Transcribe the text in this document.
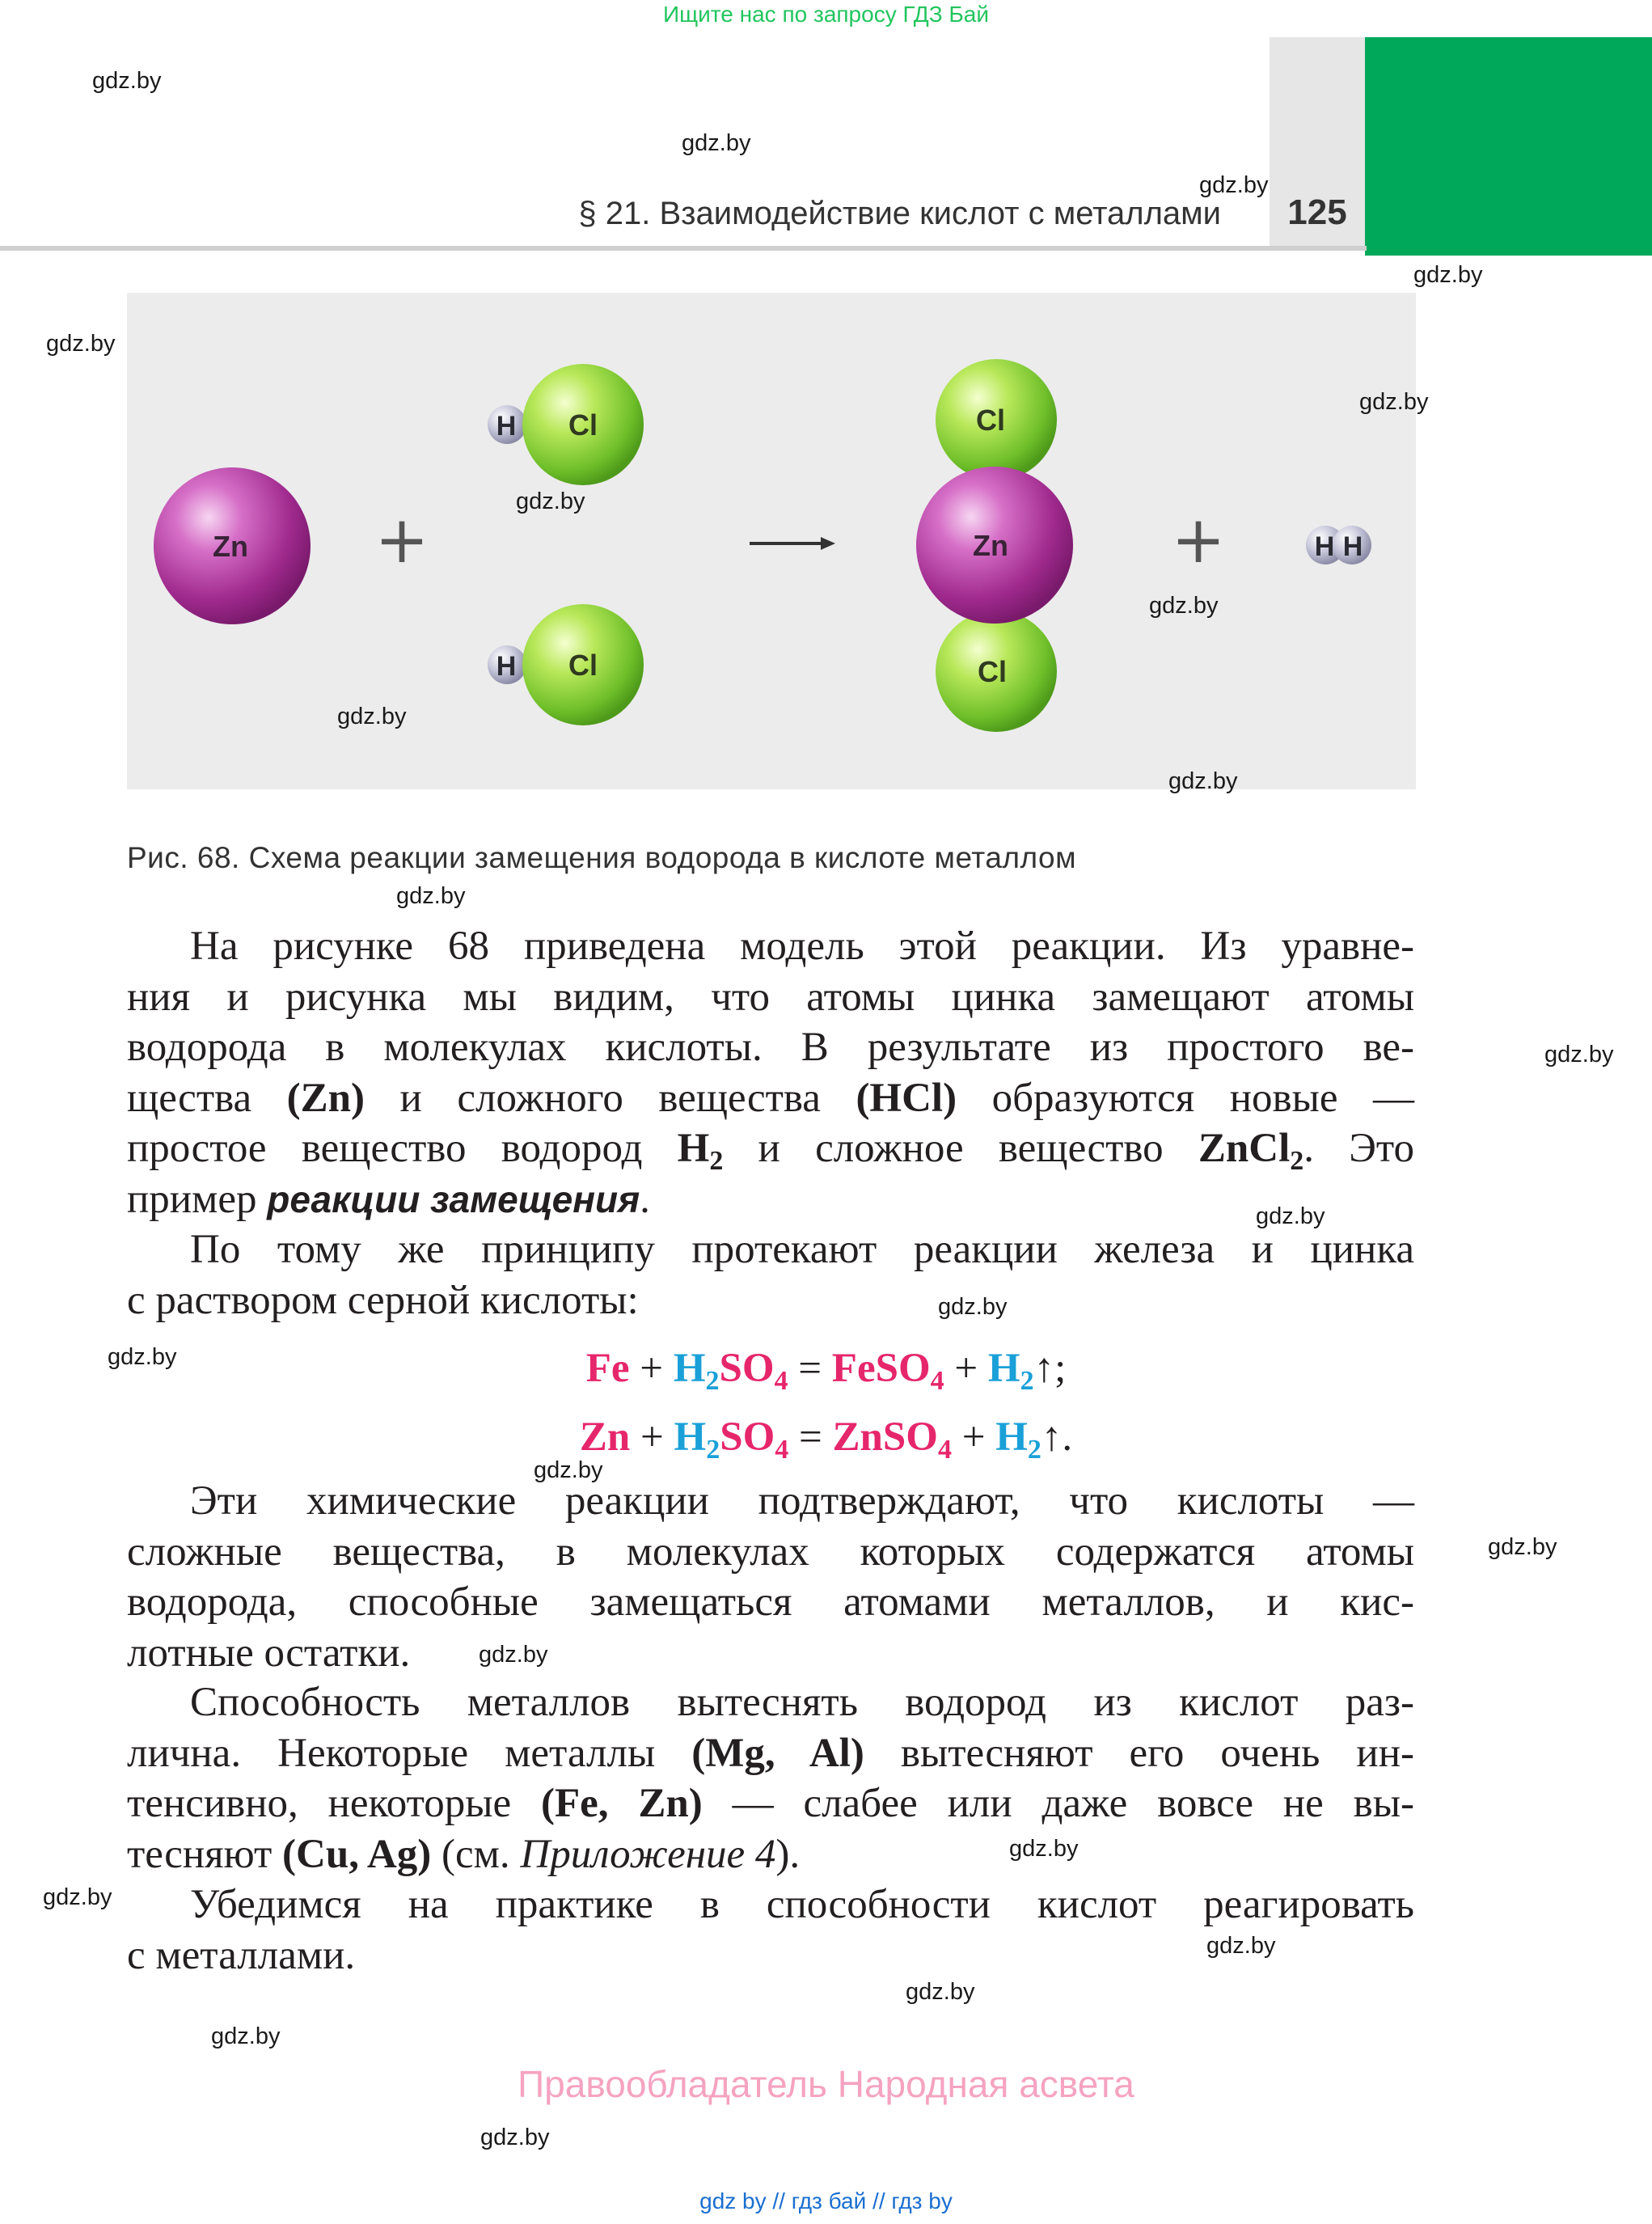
Ищите нас по запросу ГДЗ Бай
§ 21. Взаимодействие кислот с металлами	125
Zn +
H Cl
H Cl
Cl
Zn
Cl
+	H H
Рис. 68. Схема реакции замещения водорода в кислоте металлом
На рисунке 68 приведена модель этой реакции. Из уравне-
ния и рисунка мы видим, что атомы цинка замещают атомы
водорода в молекулах кислоты. В результате из простого ве-
щества (Zn) и сложного вещества (HCl) образуются новые —
простое вещество водород $H_2$ и сложное вещество ZnCl$_2$. Это
пример реакции замещения.
По тому же принципу протекают реакции железа и цинка
с раствором серной кислоты:
$Fe + H_2SO_4$ = FeSO$_4$ + $H_2↑$;
$Zn + H_2SO_4$ = ZnSO$_4$ + $H_2↑$.
Эти химические реакции подтверждают, что кислоты —
сложные вещества, в молекулах которых содержатся атомы
водорода, способные замещаться атомами металлов, и кис-
лотные остатки.
Способность металлов вытеснять водород из кислот раз-
лична. Некоторые металлы (Mg, Al) вытесняют его очень ин-
тенсивно, некоторые (Fe, Zn) — слабее или даже вовсе не вы-
тесняют (Cu, Ag) (см. Приложение 4).
Убедимся на практике в способности кислот реагировать
с металлами.
Правообладатель Народная асвета
gdz by // гдз бай // гдз by
gdz.by
gdz.by
gdz.by
gdz.by
gdz.by
gdz.by
gdz.by
gdz.by
gdz.by
gdz.by
gdz.by
gdz.by
gdz.by
gdz.by
gdz.by
gdz.by
gdz.by
gdz.by
gdz.by
gdz.by
gdz.by
gdz.by
gdz.by
gdz.by
